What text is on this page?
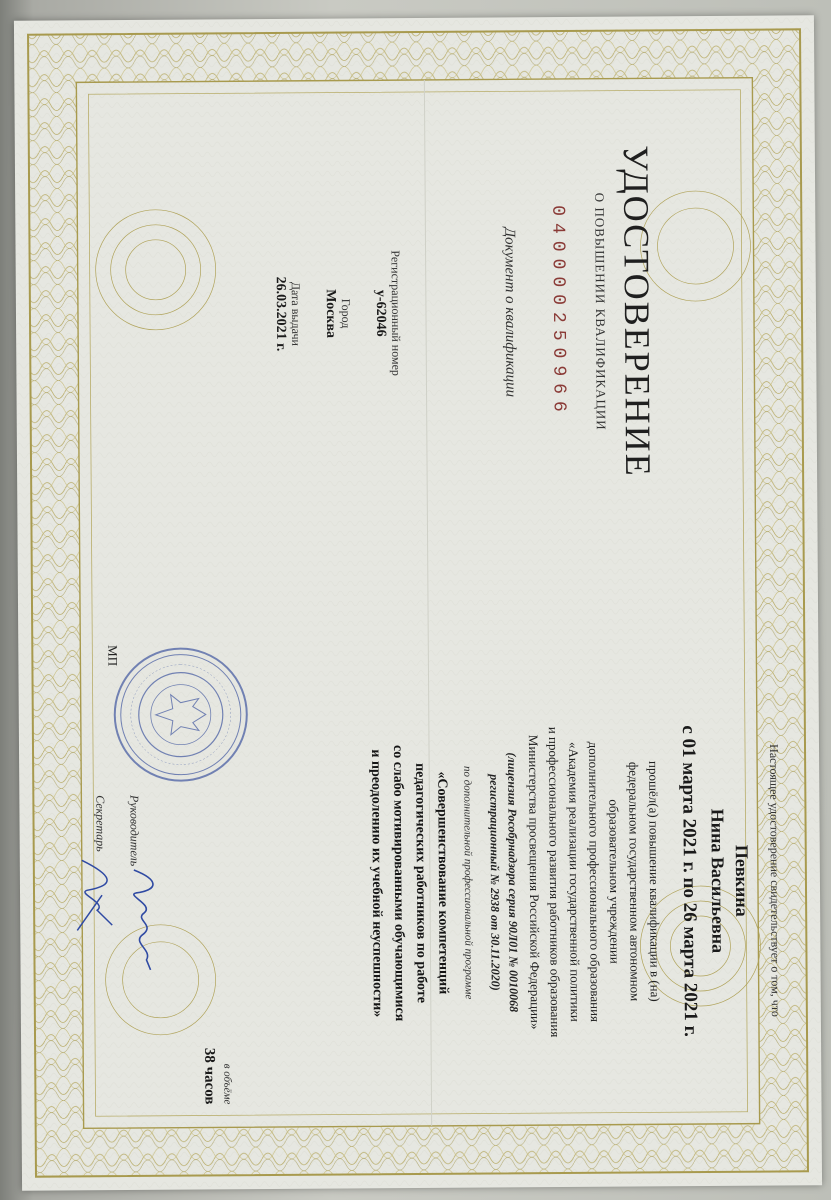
УДОСТОВЕРЕНИЕ
О ПОВЫШЕНИИ КВАЛИФИКАЦИИ
040000250966
Документ о квалификации
Регистрационный номер
у-62046
Город
Москва
Дата выдачи
26.03.2021 г.
Настоящее удостоверение свидетельствует о том, что
Певкина
Нина Васильевна
с 01 марта 2021 г. по 26 марта 2021 г.
прошёл(а) повышение квалификации в (на)
федеральном государственном автономном
образовательном учреждении
дополнительного профессионального образования
«Академия реализации государственной политики
и профессионального развития работников образования
Министерства просвещения Российской Федерации»
(лицензия Рособрнадзора серия 90Л01 № 0010068
регистрационный № 2938 от 30.11.2020)
по дополнительной профессиональной программе
«Совершенствование компетенций
педагогических работников по работе
со слабо мотивированными обучающимися
и преодолению их учебной неуспешности»
в объёме
38 часов
МП
Руководитель
Секретарь
